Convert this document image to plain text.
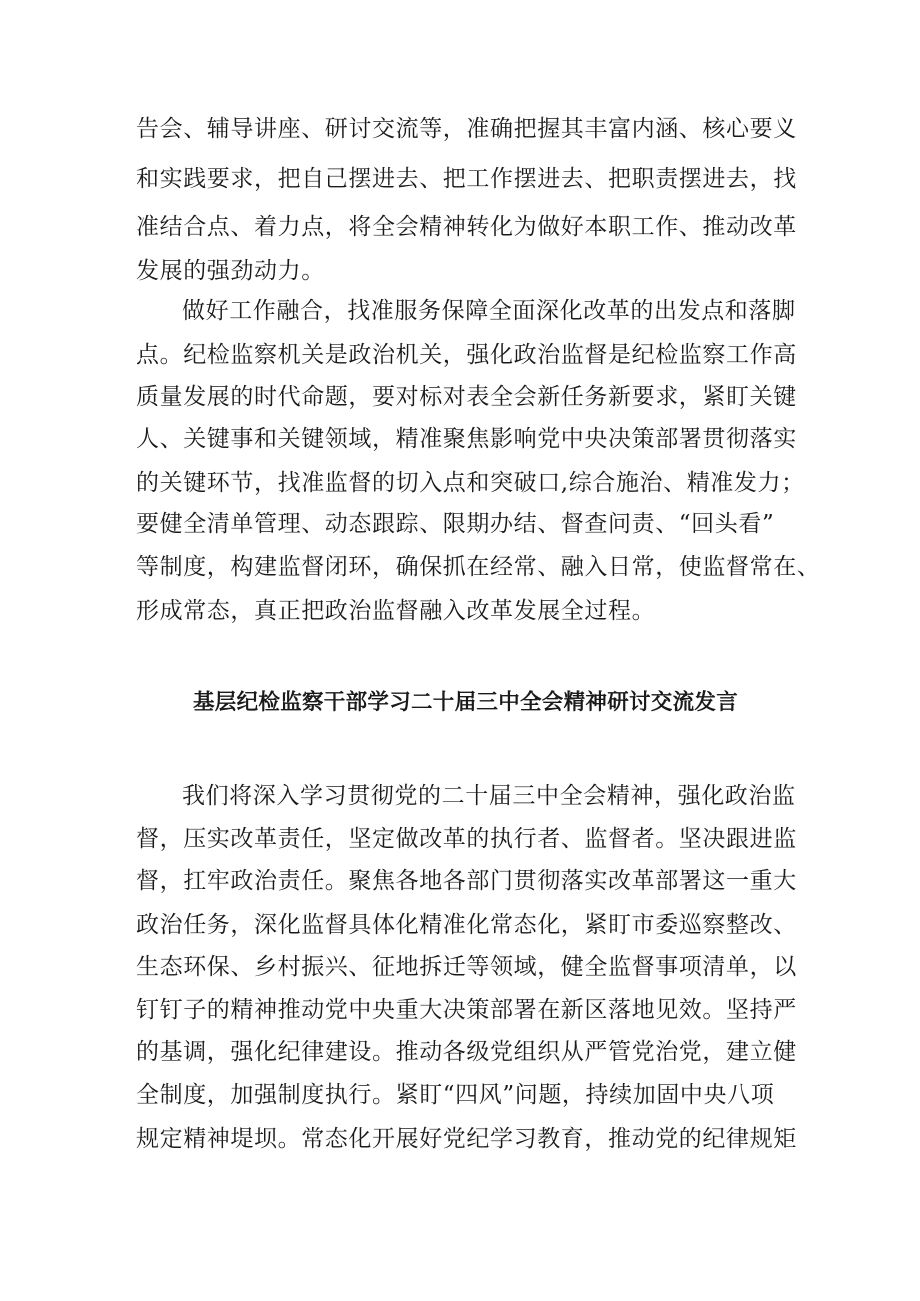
告会、辅导讲座、研讨交流等，准确把握其丰富内涵、核心要义
和实践要求，把自己摆进去、把工作摆进去、把职责摆进去，找
准结合点、着力点，将全会精神转化为做好本职工作、推动改革
发展的强劲动力。
做好工作融合，找准服务保障全面深化改革的出发点和落脚
点。纪检监察机关是政治机关，强化政治监督是纪检监察工作高
质量发展的时代命题，要对标对表全会新任务新要求，紧盯关键
人、关键事和关键领域，精准聚焦影响党中央决策部署贯彻落实
的关键环节，找准监督的切入点和突破口,综合施治、精准发力；
要健全清单管理、动态跟踪、限期办结、督查问责、“回头看”
等制度，构建监督闭环，确保抓在经常、融入日常，使监督常在、
形成常态，真正把政治监督融入改革发展全过程。
基层纪检监察干部学习二十届三中全会精神研讨交流发言
我们将深入学习贯彻党的二十届三中全会精神，强化政治监
督，压实改革责任，坚定做改革的执行者、监督者。坚决跟进监
督，扛牢政治责任。聚焦各地各部门贯彻落实改革部署这一重大
政治任务，深化监督具体化精准化常态化，紧盯市委巡察整改、
生态环保、乡村振兴、征地拆迁等领域，健全监督事项清单，以
钉钉子的精神推动党中央重大决策部署在新区落地见效。坚持严
的基调，强化纪律建设。推动各级党组织从严管党治党，建立健
全制度，加强制度执行。紧盯“四风”问题，持续加固中央八项
规定精神堤坝。常态化开展好党纪学习教育，推动党的纪律规矩
